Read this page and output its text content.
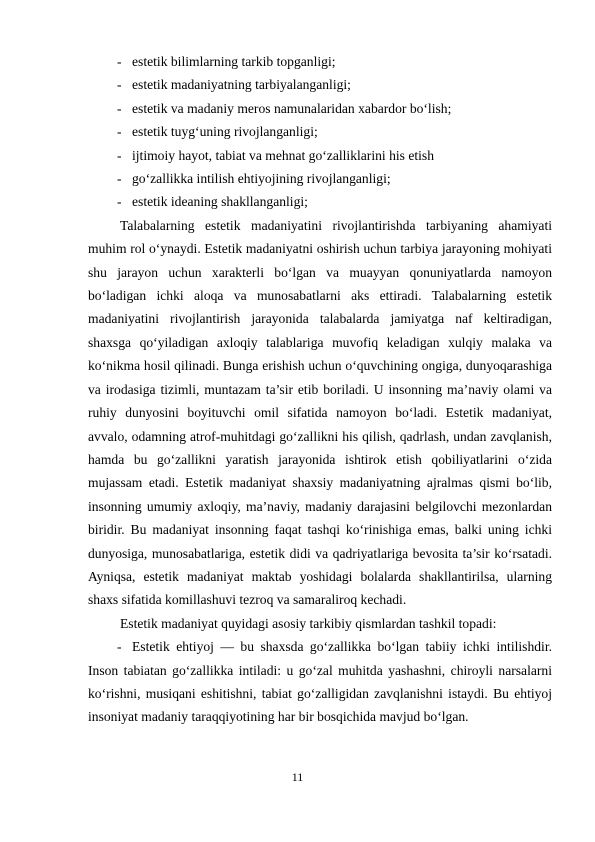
- estetik bilimlarning tarkib topganligi;
- estetik madaniyatning tarbiyalanganligi;
- estetik va madaniy meros namunalaridan xabardor bo‘lish;
- estetik tuyg‘uning rivojlanganligi;
- ijtimoiy hayot, tabiat va mehnat go‘zalliklarini his etish
- go‘zallikka intilish ehtiyojining rivojlanganligi;
- estetik ideaning shakllanganligi;

Talabalarning estetik madaniyatini rivojlantirishda tarbiyaning ahamiyati muhim rol o‘ynaydi. Estetik madaniyatni oshirish uchun tarbiya jarayoning mohiyati shu jarayon uchun xarakterli bo‘lgan va muayyan qonuniyatlarda namoyon bo‘ladigan ichki aloqa va munosabatlarni aks ettiradi. Talabalarning estetik madaniyatini rivojlantirish jarayonida talabalarda jamiyatga naf keltiradigan, shaxsga qo‘yiladigan axloqiy talablariga muvofiq keladigan xulqiy malaka va ko‘nikma hosil qilinadi. Bunga erishish uchun o‘quvchining ongiga, dunyoqarashiga va irodasiga tizimli, muntazam ta’sir etib boriladi. U insonning ma’naviy olami va ruhiy dunyosini boyituvchi omil sifatida namoyon bo‘ladi. Estetik madaniyat, avvalo, odamning atrof-muhitdagi go‘zallikni his qilish, qadrlash, undan zavqlanish, hamda bu go‘zallikni yaratish jarayonida ishtirok etish qobiliyatlarini o‘zida mujassam etadi. Estetik madaniyat shaxsiy madaniyatning ajralmas qismi bo‘lib, insonning umumiy axloqiy, ma’naviy, madaniy darajasini belgilovchi mezonlardan biridir. Bu madaniyat insonning faqat tashqi ko‘rinishiga emas, balki uning ichki dunyosiga, munosabatlariga, estetik didi va qadriyatlariga bevosita ta’sir ko‘rsatadi. Ayniqsa, estetik madaniyat maktab yoshidagi bolalarda shakllantirilsa, ularning shaxs sifatida komillashuvi tezroq va samaraliroq kechadi.

Estetik madaniyat quyidagi asosiy tarkibiy qismlardan tashkil topadi:

- Estetik ehtiyoj — bu shaxsda go‘zallikka bo‘lgan tabiiy ichki intilishdir. Inson tabiatan go‘zallikka intiladi: u go‘zal muhitda yashashni, chiroyli narsalarni ko‘rishni, musiqani eshitishni, tabiat go‘zalligidan zavqlanishni istaydi. Bu ehtiyoj insoniyat madaniy taraqqiyotining har bir bosqichida mavjud bo‘lgan.

11
